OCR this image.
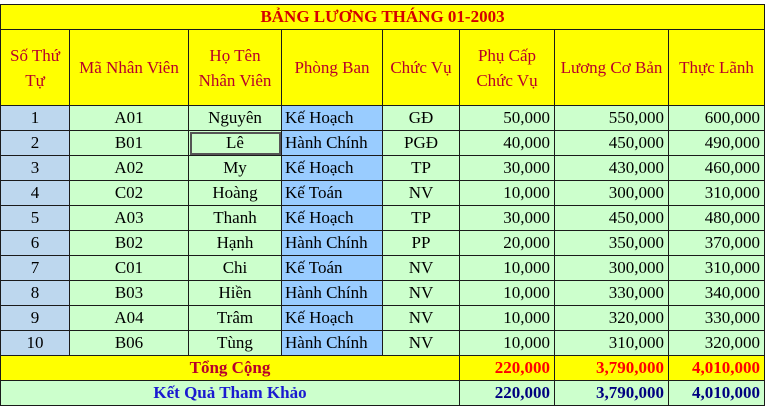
BẢNG LƯƠNG THÁNG 01-2003							
Số Thứ Tự	Mã Nhân Viên	Họ Tên Nhân Viên	Phòng Ban	Chức Vụ	Phụ Cấp Chức Vụ	Lương Cơ Bản	Thực Lãnh
1	A01	Nguyên	Kế Hoạch	GĐ	50,000	550,000	600,000
2	B01	Lê	Hành Chính	PGĐ	40,000	450,000	490,000
3	A02	My	Kế Hoạch	TP	30,000	430,000	460,000
4	C02	Hoàng	Kế Toán	NV	10,000	300,000	310,000
5	A03	Thanh	Kế Hoạch	TP	30,000	450,000	480,000
6	B02	Hạnh	Hành Chính	PP	20,000	350,000	370,000
7	C01	Chi	Kế Toán	NV	10,000	300,000	310,000
8	B03	Hiền	Hành Chính	NV	10,000	330,000	340,000
9	A04	Trâm	Kế Hoạch	NV	10,000	320,000	330,000
10	B06	Tùng	Hành Chính	NV	10,000	310,000	320,000
Tổng Cộng					220,000	3,790,000	4,010,000
Kết Quả Tham Khảo					220,000	3,790,000	4,010,000
